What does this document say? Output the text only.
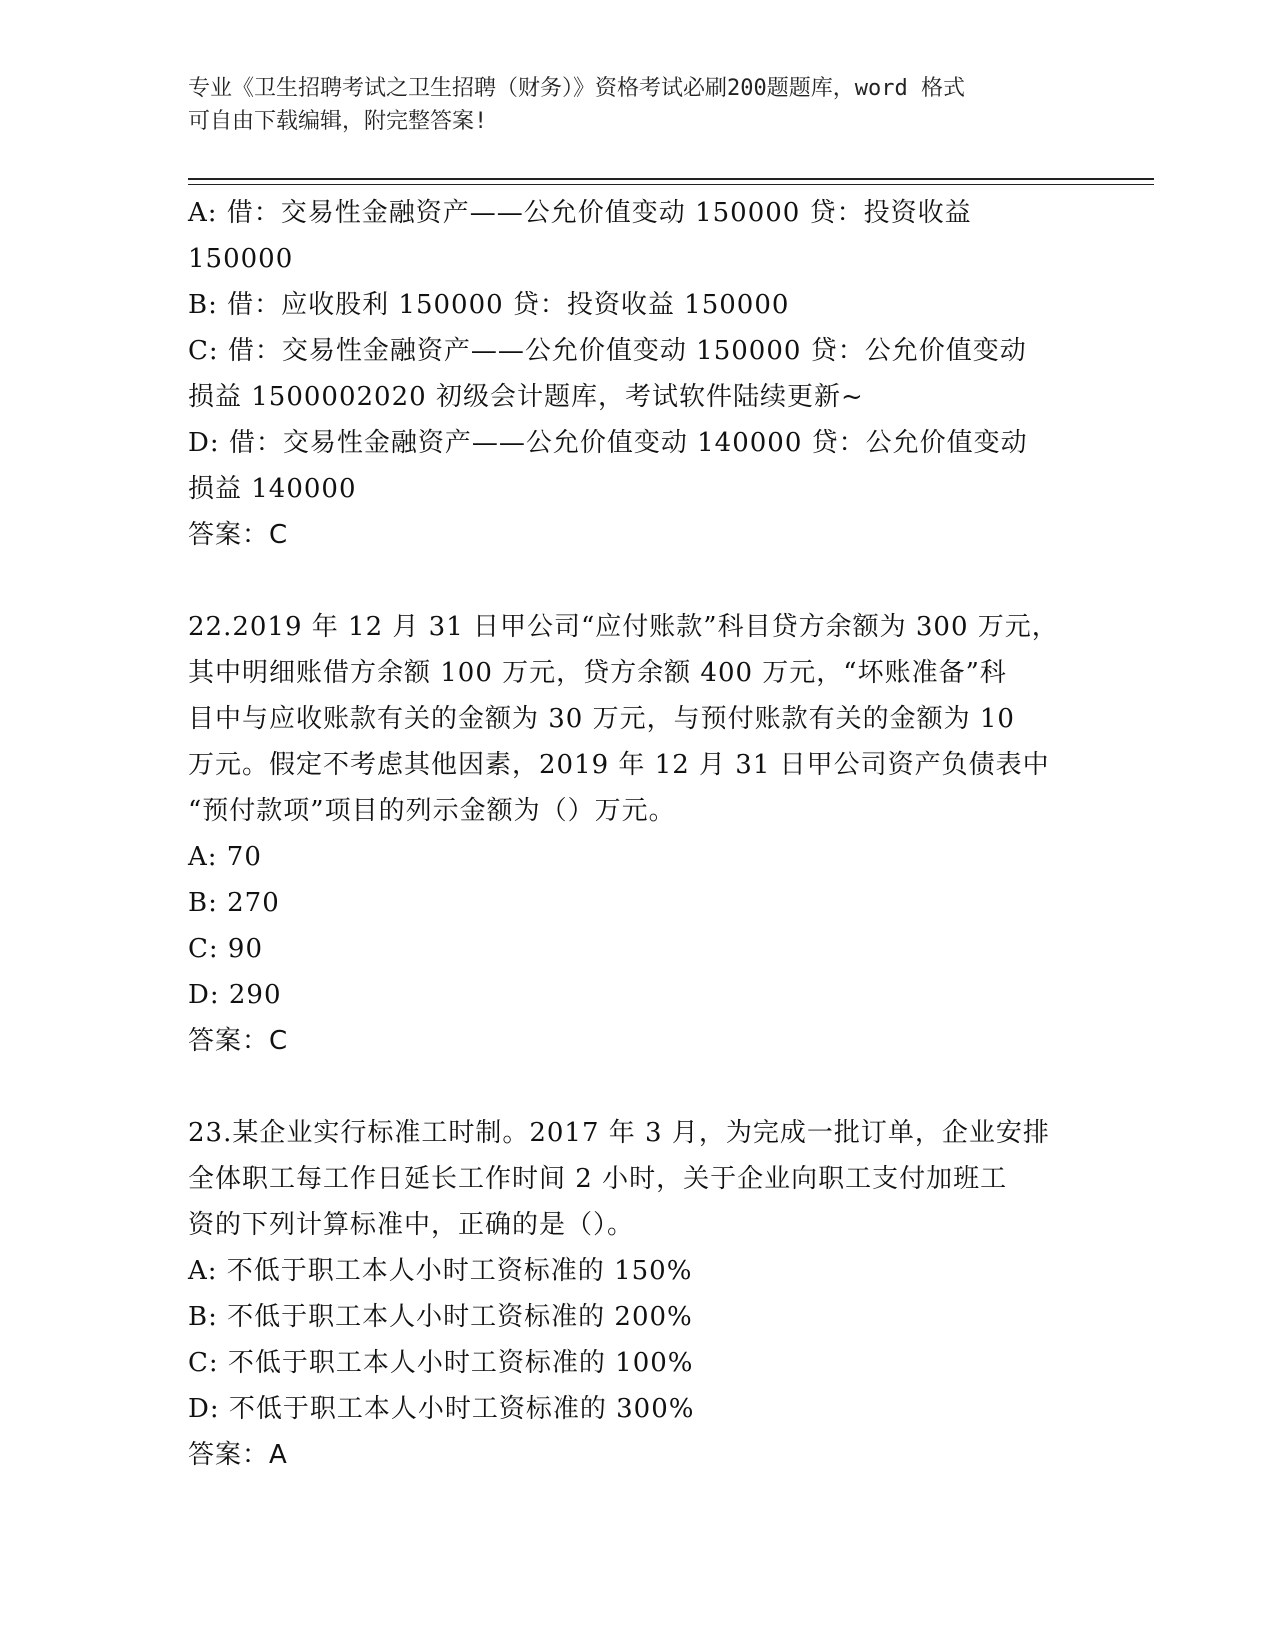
专业《卫生招聘考试之卫生招聘（财务）》资格考试必刷200题题库，word 格式
可自由下载编辑，附完整答案!
A: 借：交易性金融资产——公允价值变动 150000 贷：投资收益
150000
B: 借：应收股利 150000 贷：投资收益 150000
C: 借：交易性金融资产——公允价值变动 150000 贷：公允价值变动
损益 1500002020 初级会计题库，考试软件陆续更新~
D: 借：交易性金融资产——公允价值变动 140000 贷：公允价值变动
损益 140000
答案：C
22.2019 年 12 月 31 日甲公司“应付账款”科目贷方余额为 300 万元，
其中明细账借方余额 100 万元，贷方余额 400 万元，“坏账准备”科
目中与应收账款有关的金额为 30 万元，与预付账款有关的金额为 10
万元。假定不考虑其他因素，2019 年 12 月 31 日甲公司资产负债表中
“预付款项”项目的列示金额为（）万元。
A: 70
B: 270
C: 90
D: 290
答案：C
23.某企业实行标准工时制。2017 年 3 月，为完成一批订单，企业安排
全体职工每工作日延长工作时间 2 小时，关于企业向职工支付加班工
资的下列计算标准中，正确的是（）。
A: 不低于职工本人小时工资标准的 150%
B: 不低于职工本人小时工资标准的 200%
C: 不低于职工本人小时工资标准的 100%
D: 不低于职工本人小时工资标准的 300%
答案：A
